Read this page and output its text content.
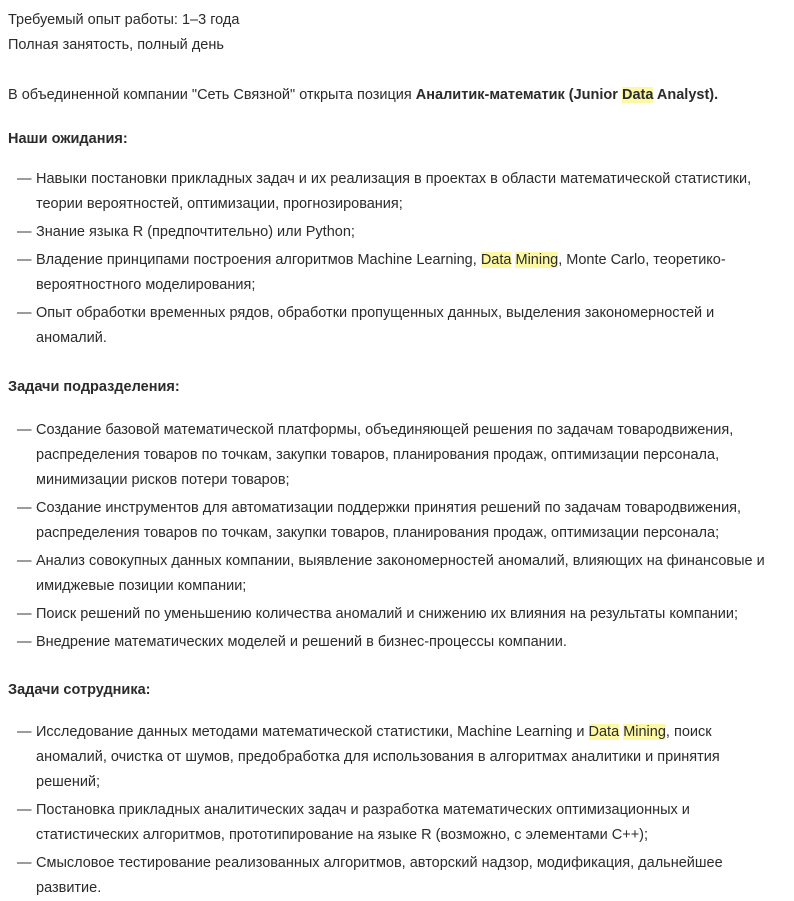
Требуемый опыт работы: 1–3 года
Полная занятость, полный день

В объединенной компании "Сеть Связной" открыта позиция Аналитик-математик (Junior Data Analyst).

Наши ожидания:
— Навыки постановки прикладных задач и их реализация в проектах в области математической статистики, теории вероятностей, оптимизации, прогнозирования;
— Знание языка R (предпочтительно) или Python;
— Владение принципами построения алгоритмов Machine Learning, Data Mining, Monte Carlo, теоретико-вероятностного моделирования;
— Опыт обработки временных рядов, обработки пропущенных данных, выделения закономерностей и аномалий.
Задачи подразделения:
— Создание базовой математической платформы, объединяющей решения по задачам товародвижения, распределения товаров по точкам, закупки товаров, планирования продаж, оптимизации персонала, минимизации рисков потери товаров;
— Создание инструментов для автоматизации поддержки принятия решений по задачам товародвижения, распределения товаров по точкам, закупки товаров, планирования продаж, оптимизации персонала;
— Анализ совокупных данных компании, выявление закономерностей аномалий, влияющих на финансовые и имиджевые позиции компании;
— Поиск решений по уменьшению количества аномалий и снижению их влияния на результаты компании;
— Внедрение математических моделей и решений в бизнес-процессы компании.
Задачи сотрудника:
— Исследование данных методами математической статистики, Machine Learning и Data Mining, поиск аномалий, очистка от шумов, предобработка для использования в алгоритмах аналитики и принятия решений;
— Постановка прикладных аналитических задач и разработка математических оптимизационных и статистических алгоритмов, прототипирование на языке R (возможно, с элементами C++);
— Смысловое тестирование реализованных алгоритмов, авторский надзор, модификация, дальнейшее развитие.
